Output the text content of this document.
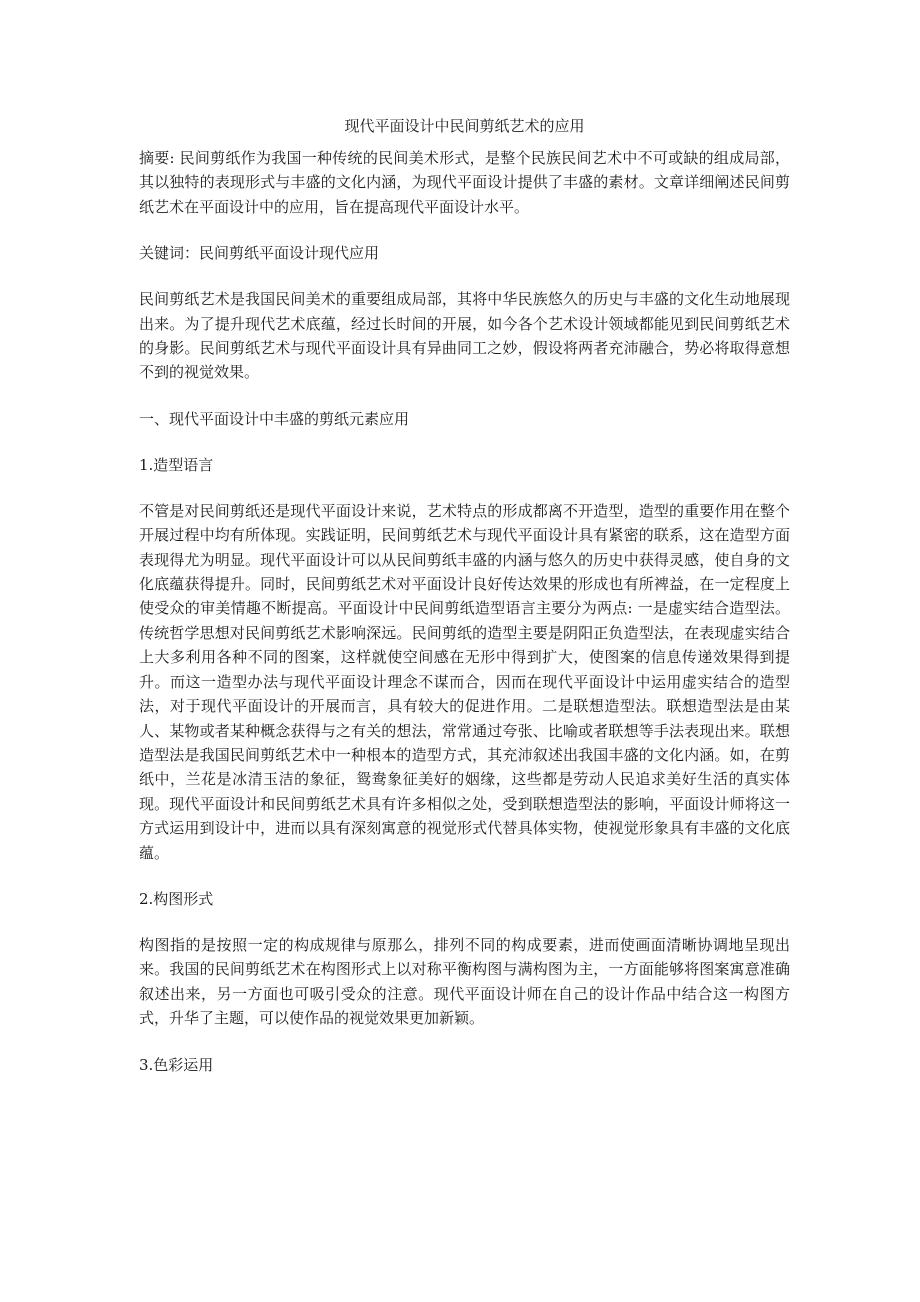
现代平面设计中民间剪纸艺术的应用

摘要: 民间剪纸作为我国一种传统的民间美术形式，是整个民族民间艺术中不可或缺的组成局部，其以独特的表现形式与丰盛的文化内涵，为现代平面设计提供了丰盛的素材。文章详细阐述民间剪纸艺术在平面设计中的应用，旨在提高现代平面设计水平。

关键词：民间剪纸平面设计现代应用

民间剪纸艺术是我国民间美术的重要组成局部，其将中华民族悠久的历史与丰盛的文化生动地展现出来。为了提升现代艺术底蕴，经过长时间的开展，如今各个艺术设计领域都能见到民间剪纸艺术的身影。民间剪纸艺术与现代平面设计具有异曲同工之妙，假设将两者充沛融合，势必将取得意想不到的视觉效果。

一、现代平面设计中丰盛的剪纸元素应用

1.造型语言

不管是对民间剪纸还是现代平面设计来说，艺术特点的形成都离不开造型，造型的重要作用在整个开展过程中均有所体现。实践证明，民间剪纸艺术与现代平面设计具有紧密的联系，这在造型方面表现得尤为明显。现代平面设计可以从民间剪纸丰盛的内涵与悠久的历史中获得灵感，使自身的文化底蕴获得提升。同时，民间剪纸艺术对平面设计良好传达效果的形成也有所裨益，在一定程度上使受众的审美情趣不断提高。平面设计中民间剪纸造型语言主要分为两点: 一是虚实结合造型法。传统哲学思想对民间剪纸艺术影响深远。民间剪纸的造型主要是阴阳正负造型法，在表现虚实结合上大多利用各种不同的图案，这样就使空间感在无形中得到扩大，使图案的信息传递效果得到提升。而这一造型办法与现代平面设计理念不谋而合，因而在现代平面设计中运用虚实结合的造型法，对于现代平面设计的开展而言，具有较大的促进作用。二是联想造型法。联想造型法是由某人、某物或者某种概念获得与之有关的想法，常常通过夸张、比喻或者联想等手法表现出来。联想造型法是我国民间剪纸艺术中一种根本的造型方式，其充沛叙述出我国丰盛的文化内涵。如，在剪纸中，兰花是冰清玉洁的象征，鸳鸯象征美好的姻缘，这些都是劳动人民追求美好生活的真实体现。现代平面设计和民间剪纸艺术具有许多相似之处，受到联想造型法的影响，平面设计师将这一方式运用到设计中，进而以具有深刻寓意的视觉形式代替具体实物，使视觉形象具有丰盛的文化底蕴。

2.构图形式

构图指的是按照一定的构成规律与原那么，排列不同的构成要素，进而使画面清晰协调地呈现出来。我国的民间剪纸艺术在构图形式上以对称平衡构图与满构图为主，一方面能够将图案寓意准确叙述出来，另一方面也可吸引受众的注意。现代平面设计师在自己的设计作品中结合这一构图方式，升华了主题，可以使作品的视觉效果更加新颖。

3.色彩运用
